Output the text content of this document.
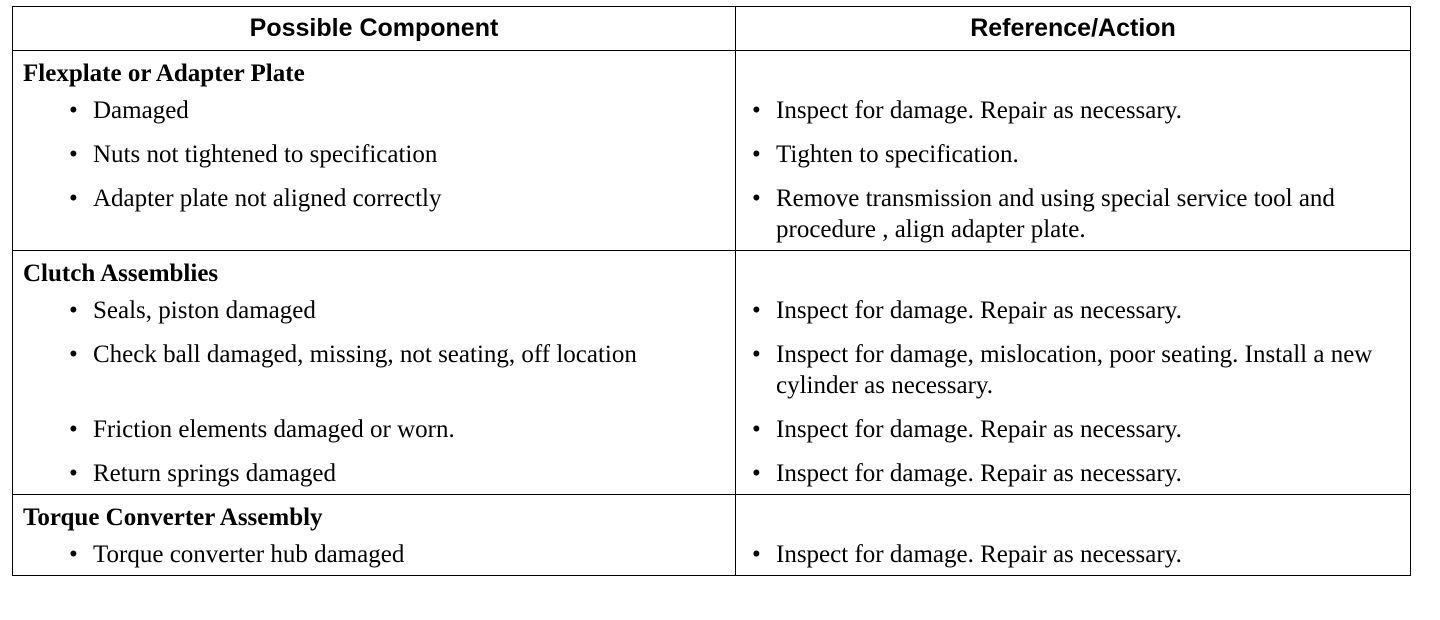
Possible Component	Reference/Action

Flexplate or Adapter Plate	

• Damaged	• Inspect for damage. Repair as necessary.

• Nuts not tightened to specification	• Tighten to specification.

• Adapter plate not aligned correctly	• Remove transmission and using special service tool and procedure , align adapter plate.

Clutch Assemblies	

• Seals, piston damaged	• Inspect for damage. Repair as necessary.

• Check ball damaged, missing, not seating, off location	• Inspect for damage, mislocation, poor seating. Install a new cylinder as necessary.

• Friction elements damaged or worn.	• Inspect for damage. Repair as necessary.

• Return springs damaged	• Inspect for damage. Repair as necessary.

Torque Converter Assembly	

• Torque converter hub damaged	• Inspect for damage. Repair as necessary.
